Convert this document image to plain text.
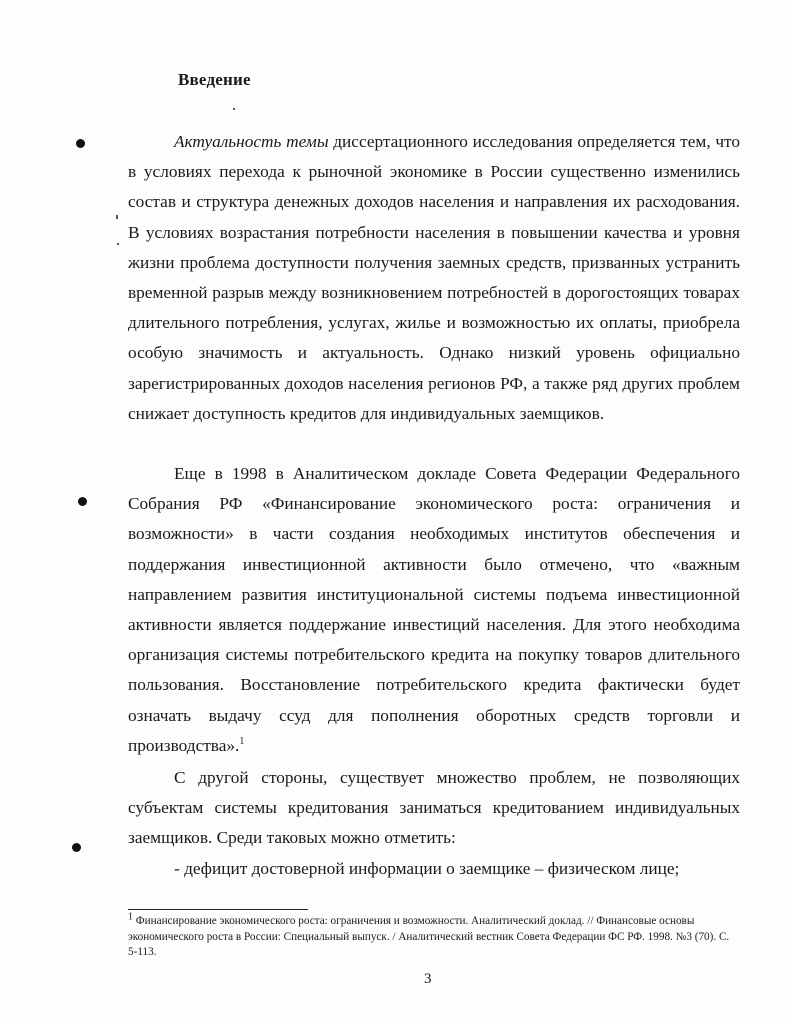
Введение

Актуальность темы диссертационного исследования определяется тем, что в условиях перехода к рыночной экономике в России существенно изменились состав и структура денежных доходов населения и направления их расходования. В условиях возрастания потребности населения в повышении качества и уровня жизни проблема доступности получения заемных средств, призванных устранить временной разрыв между возникновением потребностей в дорогостоящих товарах длительного потребления, услугах, жилье и возможностью их оплаты, приобрела особую значимость и актуальность. Однако низкий уровень официально зарегистрированных доходов населения регионов РФ, а также ряд других проблем снижает доступность кредитов для индивидуальных заемщиков.

Еще в 1998 в Аналитическом докладе Совета Федерации Федерального Собрания РФ «Финансирование экономического роста: ограничения и возможности» в части создания необходимых институтов обеспечения и поддержания инвестиционной активности было отмечено, что «важным направлением развития институциональной системы подъема инвестиционной активности является поддержание инвестиций населения. Для этого необходима организация системы потребительского кредита на покупку товаров длительного пользования. Восстановление потребительского кредита фактически будет означать выдачу ссуд для пополнения оборотных средств торговли и производства».$^1$

С другой стороны, существует множество проблем, не позволяющих субъектам системы кредитования заниматься кредитованием индивидуальных заемщиков. Среди таковых можно отметить:

- дефицит достоверной информации о заемщике – физическом лице;

1 Финансирование экономического роста: ограничения и возможности. Аналитический доклад. // Финансовые основы экономического роста в России: Специальный выпуск. / Аналитический вестник Совета Федерации ФС РФ. 1998. №3 (70). С. 5-113.

3
